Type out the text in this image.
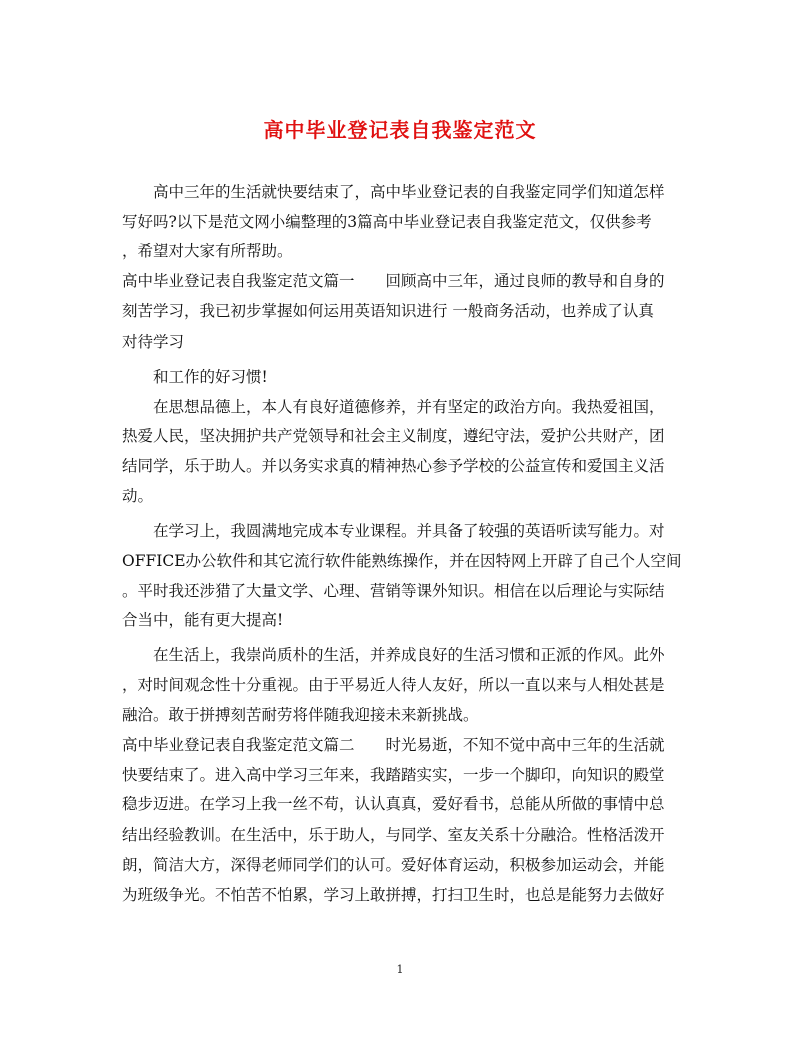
高中毕业登记表自我鉴定范文
高中三年的生活就快要结束了，高中毕业登记表的自我鉴定同学们知道怎样
写好吗?以下是范文网小编整理的3篇高中毕业登记表自我鉴定范文，仅供参考
，希望对大家有所帮助。
高中毕业登记表自我鉴定范文篇一　　回顾高中三年，通过良师的教导和自身的
刻苦学习，我已初步掌握如何运用英语知识进行 一般商务活动，也养成了认真
对待学习
和工作的好习惯!
在思想品德上，本人有良好道德修养，并有坚定的政治方向。我热爱祖国，
热爱人民，坚决拥护共产党领导和社会主义制度，遵纪守法，爱护公共财产，团
结同学，乐于助人。并以务实求真的精神热心参予学校的公益宣传和爱国主义活
动。
在学习上，我圆满地完成本专业课程。并具备了较强的英语听读写能力。对
OFFICE办公软件和其它流行软件能熟练操作，并在因特网上开辟了自己个人空间
。平时我还涉猎了大量文学、心理、营销等课外知识。相信在以后理论与实际结
合当中，能有更大提高!
在生活上，我崇尚质朴的生活，并养成良好的生活习惯和正派的作风。此外
，对时间观念性十分重视。由于平易近人待人友好，所以一直以来与人相处甚是
融洽。敢于拼搏刻苦耐劳将伴随我迎接未来新挑战。
高中毕业登记表自我鉴定范文篇二　　时光易逝，不知不觉中高中三年的生活就
快要结束了。进入高中学习三年来，我踏踏实实，一步一个脚印，向知识的殿堂
稳步迈进。在学习上我一丝不苟，认认真真，爱好看书，总能从所做的事情中总
结出经验教训。在生活中，乐于助人，与同学、室友关系十分融洽。性格活泼开
朗，简洁大方，深得老师同学们的认可。爱好体育运动，积极参加运动会，并能
为班级争光。不怕苦不怕累，学习上敢拼搏，打扫卫生时，也总是能努力去做好
1
